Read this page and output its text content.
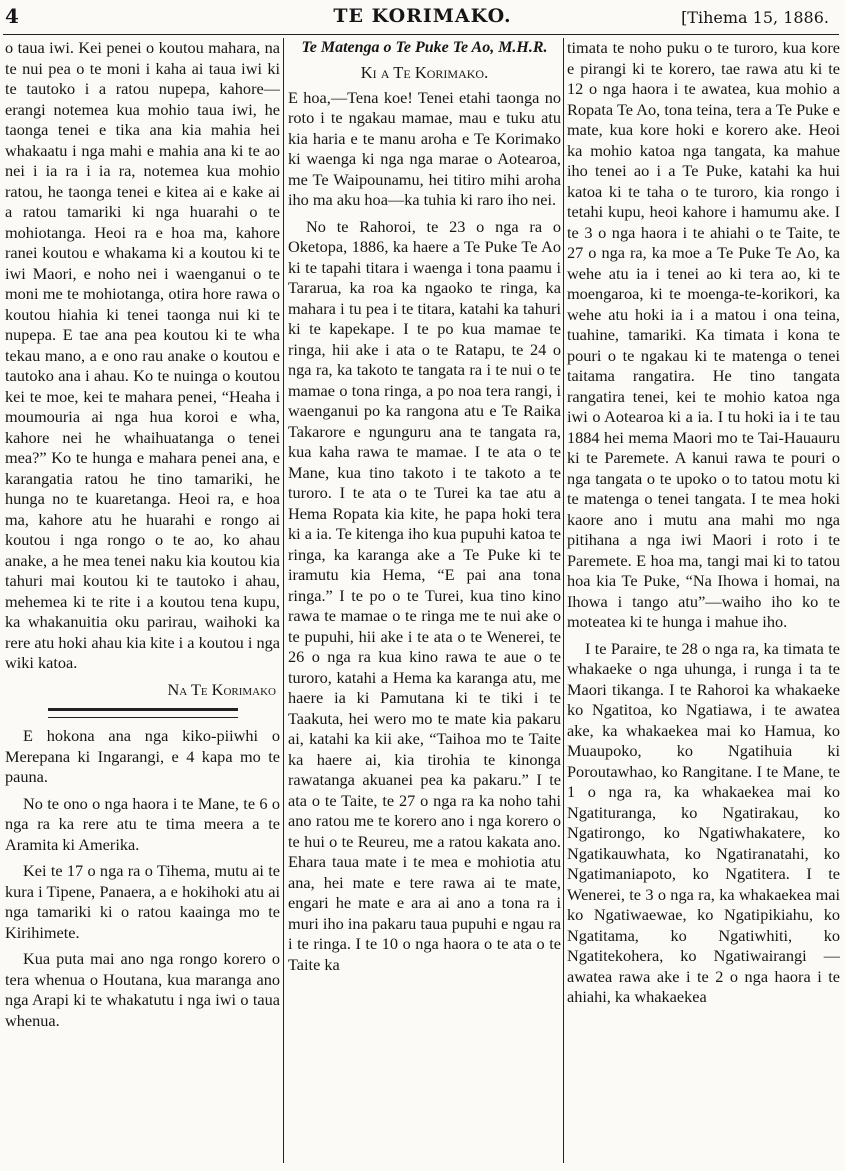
4	TE KORIMAKO.	[Tihema 15, 1886.

o taua iwi. Kei penei o koutou mahara, na te nui pea o te moni i kaha ai taua iwi ki te tautoko i a ratou nupepa, kahore—erangi notemea kua mohio taua iwi, he taonga tenei e tika ana kia mahia hei whakaatu i nga mahi e mahia ana ki te ao nei i ia ra i ia ra, notemea kua mohio ratou, he taonga tenei e kitea ai e kake ai a ratou tamariki ki nga huarahi o te mohiotanga. Heoi ra e hoa ma, kahore ranei koutou e whakama ki a koutou ki te iwi Maori, e noho nei i waenganui o te moni me te mohiotanga, otira hore rawa o koutou hiahia ki tenei taonga nui ki te nupepa. E tae ana pea koutou ki te wha tekau mano, a e ono rau anake o koutou e tautoko ana i ahau. Ko te nuinga o koutou kei te moe, kei te mahara penei, “Heaha i moumouria ai nga hua koroi e wha, kahore nei he whaihuatanga o tenei mea?” Ko te hunga e mahara penei ana, e karangatia ratou he tino tamariki, he hunga no te kuaretanga. Heoi ra, e hoa ma, kahore atu he huarahi e rongo ai koutou i nga rongo o te ao, ko ahau anake, a he mea tenei naku kia koutou kia tahuri mai koutou ki te tautoko i ahau, mehemea ki te rite i a koutou tena kupu, ka whakanuitia oku parirau, waihoki ka rere atu hoki ahau kia kite i a koutou i nga wiki katoa.

Na Te Korimako

E hokona ana nga kiko-piiwhi o Merepana ki Ingarangi, e 4 kapa mo te pauna.

No te ono o nga haora i te Mane, te 6 o nga ra ka rere atu te tima meera a te Aramita ki Amerika.

Kei te 17 o nga ra o Tihema, mutu ai te kura i Tipene, Panaera, a e hokihoki atu ai nga tamariki ki o ratou kaainga mo te Kirihimete.

Kua puta mai ano nga rongo korero o tera whenua o Houtana, kua maranga ano nga Arapi ki te whakatutu i nga iwi o taua whenua.

Te Matenga o Te Puke Te Ao, M.H.R.
Ki a Te Korimako.

E hoa,—Tena koe! Tenei etahi taonga no roto i te ngakau mamae, mau e tuku atu kia haria e te manu aroha e Te Korimako ki waenga ki nga nga marae o Aotearoa, me Te Waipounamu, hei titiro mihi aroha iho ma aku hoa—ka tuhia ki raro iho nei.

No te Rahoroi, te 23 o nga ra o Oketopa, 1886, ka haere a Te Puke Te Ao ki te tapahi titara i waenga i tona paamu i Tararua, ka roa ka ngaoko te ringa, ka mahara i tu pea i te titara, katahi ka tahuri ki te kapekape. I te po kua mamae te ringa, hii ake i ata o te Ratapu, te 24 o nga ra, ka takoto te tangata ra i te nui o te mamae o tona ringa, a po noa tera rangi, i waenganui po ka rangona atu e Te Raika Takarore e ngunguru ana te tangata ra, kua kaha rawa te mamae. I te ata o te Mane, kua tino takoto i te takoto a te turoro. I te ata o te Turei ka tae atu a Hema Ropata kia kite, he papa hoki tera ki a ia. Te kitenga iho kua pupuhi katoa te ringa, ka karanga ake a Te Puke ki te iramutu kia Hema, “E pai ana tona ringa.” I te po o te Turei, kua tino kino rawa te mamae o te ringa me te nui ake o te pupuhi, hii ake i te ata o te Wenerei, te 26 o nga ra kua kino rawa te aue o te turoro, katahi a Hema ka karanga atu, me haere ia ki Pamutana ki te tiki i te Taakuta, hei wero mo te mate kia pakaru ai, katahi ka kii ake, “Taihoa mo te Taite ka haere ai, kia tirohia te kinonga rawatanga akuanei pea ka pakaru.” I te ata o te Taite, te 27 o nga ra ka noho tahi ano ratou me te korero ano i nga korero o te hui o te Reureu, me a ratou kakata ano. Ehara taua mate i te mea e mohiotia atu ana, hei mate e tere rawa ai te mate, engari he mate e ara ai ano a tona ra i muri iho ina pakaru taua pupuhi e ngau ra i te ringa. I te 10 o nga haora o te ata o te Taite ka

timata te noho puku o te turoro, kua kore e pirangi ki te korero, tae rawa atu ki te 12 o nga haora i te awatea, kua mohio a Ropata Te Ao, tona teina, tera a Te Puke e mate, kua kore hoki e korero ake. Heoi ka mohio katoa nga tangata, ka mahue iho tenei ao i a Te Puke, katahi ka hui katoa ki te taha o te turoro, kia rongo i tetahi kupu, heoi kahore i hamumu ake. I te 3 o nga haora i te ahiahi o te Taite, te 27 o nga ra, ka moe a Te Puke Te Ao, ka wehe atu ia i tenei ao ki tera ao, ki te moengaroa, ki te moenga-te-korikori, ka wehe atu hoki ia i a matou i ona teina, tuahine, tamariki. Ka timata i kona te pouri o te ngakau ki te matenga o tenei taitama rangatira. He tino tangata rangatira tenei, kei te mohio katoa nga iwi o Aotearoa ki a ia. I tu hoki ia i te tau 1884 hei mema Maori mo te Tai-Hauauru ki te Paremete. A kanui rawa te pouri o nga tangata o te upoko o to tatou motu ki te matenga o tenei tangata. I te mea hoki kaore ano i mutu ana mahi mo nga pitihana a nga iwi Maori i roto i te Paremete. E hoa ma, tangi mai ki to tatou hoa kia Te Puke, “Na Ihowa i homai, na Ihowa i tango atu”—waiho iho ko te moteatea ki te hunga i mahue iho.

I te Paraire, te 28 o nga ra, ka timata te whakaeke o nga uhunga, i runga i ta te Maori tikanga. I te Rahoroi ka whakaeke ko Ngatitoa, ko Ngatiawa, i te awatea ake, ka whakaekea mai ko Hamua, ko Muaupoko, ko Ngatihuia ki Poroutawhao, ko Rangitane. I te Mane, te 1 o nga ra, ka whakaekea mai ko Ngatituranga, ko Ngatirakau, ko Ngatirongo, ko Ngatiwhakatere, ko Ngatikauwhata, ko Ngatiranatahi, ko Ngatimaniapoto, ko Ngatitera. I te Wenerei, te 3 o nga ra, ka whakaekea mai ko Ngatiwaewae, ko Ngatipikiahu, ko Ngatitama, ko Ngatiwhiti, ko Ngatitekohera, ko Ngatiwairangi —awatea rawa ake i te 2 o nga haora i te ahiahi, ka whakaekea
